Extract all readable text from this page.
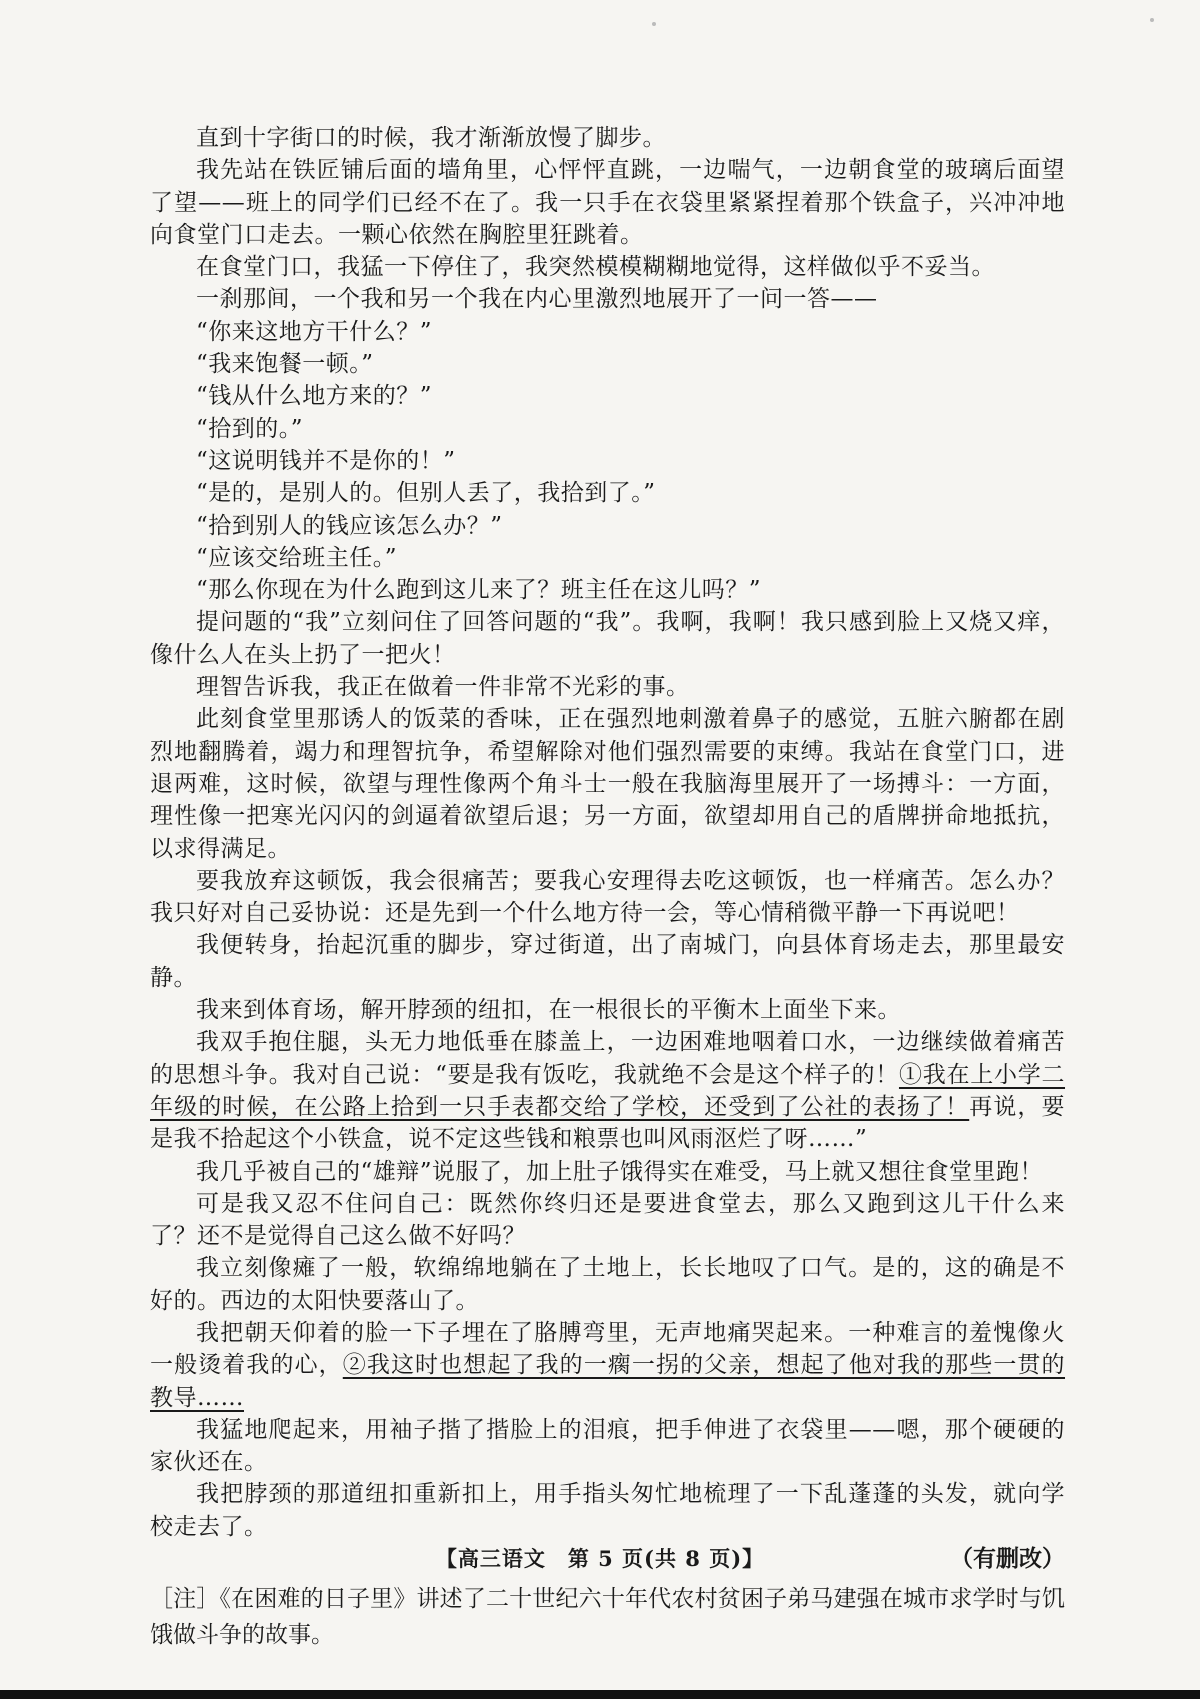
直到十字街口的时候，我才渐渐放慢了脚步。

我先站在铁匠铺后面的墙角里，心怦怦直跳，一边喘气，一边朝食堂的玻璃后面望了望——班上的同学们已经不在了。我一只手在衣袋里紧紧捏着那个铁盒子，兴冲冲地向食堂门口走去。一颗心依然在胸腔里狂跳着。

在食堂门口，我猛一下停住了，我突然模模糊糊地觉得，这样做似乎不妥当。

一刹那间，一个我和另一个我在内心里激烈地展开了一问一答——

“你来这地方干什么？”

“我来饱餐一顿。”

“钱从什么地方来的？”

“拾到的。”

“这说明钱并不是你的！”

“是的，是别人的。但别人丢了，我拾到了。”

“拾到别人的钱应该怎么办？”

“应该交给班主任。”

“那么你现在为什么跑到这儿来了？班主任在这儿吗？”

提问题的“我”立刻问住了回答问题的“我”。我啊，我啊！我只感到脸上又烧又痒，像什么人在头上扔了一把火！

理智告诉我，我正在做着一件非常不光彩的事。

此刻食堂里那诱人的饭菜的香味，正在强烈地刺激着鼻子的感觉，五脏六腑都在剧烈地翻腾着，竭力和理智抗争，希望解除对他们强烈需要的束缚。我站在食堂门口，进退两难，这时候，欲望与理性像两个角斗士一般在我脑海里展开了一场搏斗：一方面，理性像一把寒光闪闪的剑逼着欲望后退；另一方面，欲望却用自己的盾牌拼命地抵抗，以求得满足。

要我放弃这顿饭，我会很痛苦；要我心安理得去吃这顿饭，也一样痛苦。怎么办？我只好对自己妥协说：还是先到一个什么地方待一会，等心情稍微平静一下再说吧！

我便转身，抬起沉重的脚步，穿过街道，出了南城门，向县体育场走去，那里最安静。

我来到体育场，解开脖颈的纽扣，在一根很长的平衡木上面坐下来。

我双手抱住腿，头无力地低垂在膝盖上，一边困难地咽着口水，一边继续做着痛苦的思想斗争。我对自己说：“要是我有饭吃，我就绝不会是这个样子的！①我在上小学二年级的时候，在公路上拾到一只手表都交给了学校，还受到了公社的表扬了！再说，要是我不拾起这个小铁盒，说不定这些钱和粮票也叫风雨沤烂了呀……”

我几乎被自己的“雄辩”说服了，加上肚子饿得实在难受，马上就又想往食堂里跑！

可是我又忍不住问自己：既然你终归还是要进食堂去，那么又跑到这儿干什么来了？还不是觉得自己这么做不好吗？

我立刻像瘫了一般，软绵绵地躺在了土地上，长长地叹了口气。是的，这的确是不好的。西边的太阳快要落山了。

我把朝天仰着的脸一下子埋在了胳膊弯里，无声地痛哭起来。一种难言的羞愧像火一般烫着我的心，②我这时也想起了我的一瘸一拐的父亲，想起了他对我的那些一贯的教导……

我猛地爬起来，用袖子揩了揩脸上的泪痕，把手伸进了衣袋里——嗯，那个硬硬的家伙还在。

我把脖颈的那道纽扣重新扣上，用手指头匆忙地梳理了一下乱蓬蓬的头发，就向学校走去了。

（有删改）

［注］《在困难的日子里》讲述了二十世纪六十年代农村贫困子弟马建强在城市求学时与饥饿做斗争的故事。

【高三语文　第 5 页(共 8 页)】
